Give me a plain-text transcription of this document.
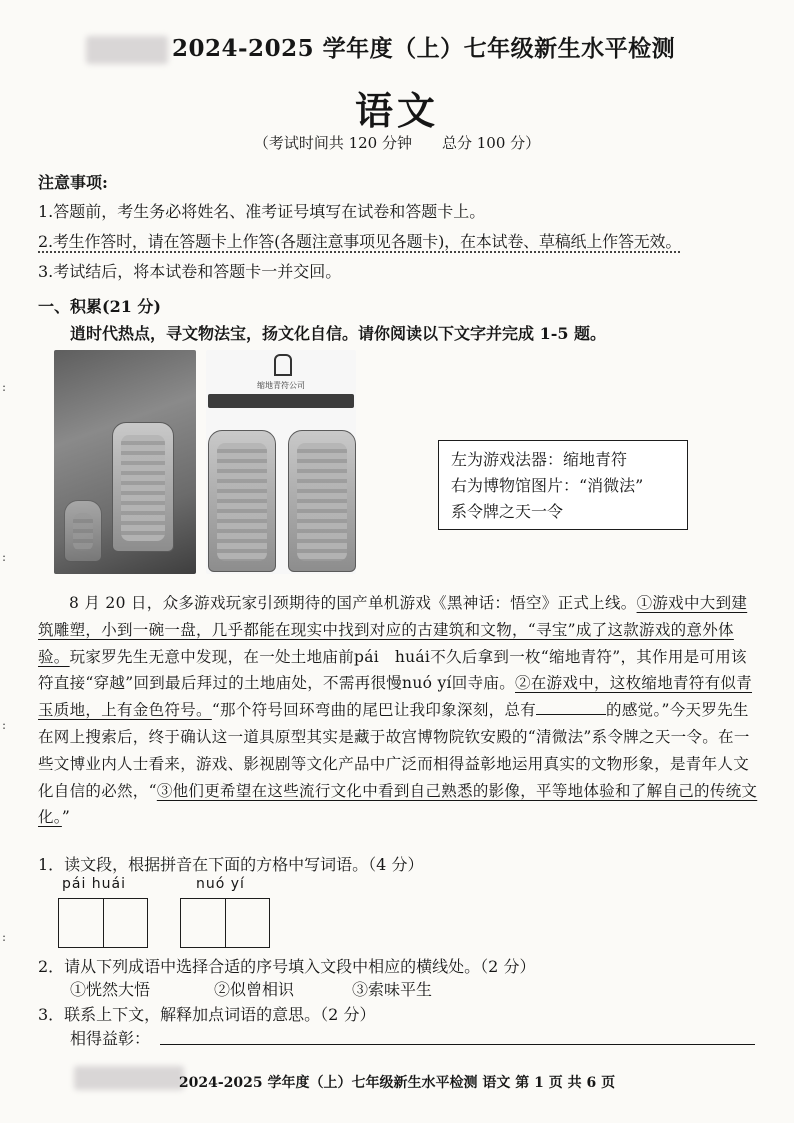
2024-2025 学年度（上）七年级新生水平检测
语文
（考试时间共 120 分钟　　总分 100 分）
注意事项:
1.答题前，考生务必将姓名、准考证号填写在试卷和答题卡上。
2.考生作答时，请在答题卡上作答(各题注意事项见各题卡)，在本试卷、草稿纸上作答无效。
3.考试结后，将本试卷和答题卡一并交回。
一、积累(21 分)
逍时代热点，寻文物法宝，扬文化自信。请你阅读以下文字并完成 1-5 题。
缩地青符公司
左为游戏法器：缩地青符
右为博物馆图片：“消微法”
系令牌之天一令
8 月 20 日，众多游戏玩家引颈期待的国产单机游戏《黑神话：悟空》正式上线。①游戏中大到建筑雕塑，小到一碗一盘，几乎都能在现实中找到对应的古建筑和文物，“寻宝”成了这款游戏的意外体验。玩家罗先生无意中发现，在一处土地庙前pái　huái不久后拿到一枚“缩地青符”，其作用是可用该符直接“穿越”回到最后拜过的土地庙处，不需再很慢nuó yí回寺庙。②在游戏中，这枚缩地青符有似青玉质地，上有金色符号。“那个符号回环弯曲的尾巴让我印象深刻，总有	的感觉。”今天罗先生在网上搜索后，终于确认这一道具原型其实是藏于故宫博物院钦安殿的“清微法”系令牌之天一令。在一些文博业内人士看来，游戏、影视剧等文化产品中广泛而相得益彰地运用真实的文物形象，是青年人文化自信的必然，“③他们更希望在这些流行文化中看到自己熟悉的影像，平等地体验和了解自己的传统文化。”
1．读文段，根据拼音在下面的方格中写词语。（4 分）
pái huái	nuó yí
2．请从下列成语中选择合适的序号填入文段中相应的横线处。（2 分）
①恍然大悟	②似曾相识	③索味平生
3．联系上下文，解释加点词语的意思。（2 分）
相得益彰：
2024-2025 学年度（上）七年级新生水平检测 语文 第 1 页 共 6 页
:
:
:
:
